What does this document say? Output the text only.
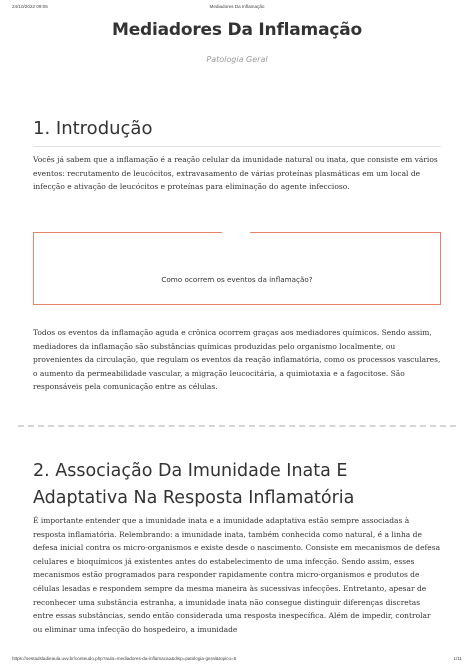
24/10/2022 09:05	Mediadores Da Inflamação
Mediadores Da Inflamação
Patologia Geral
1. Introdução

Vocês já sabem que a inflamação é a reação celular da imunidade natural ou inata, que consiste em vários eventos: recrutamento de leucócitos, extravasamento de várias proteínas plasmáticas em um local de infecção e ativação de leucócitos e proteínas para eliminação do agente infeccioso.

Como ocorrem os eventos da inflamação?

Todos os eventos da inflamação aguda e crônica ocorrem graças aos mediadores químicos. Sendo assim, mediadores da inflamação são substâncias químicas produzidas pelo organismo localmente, ou provenientes da circulação, que regulam os eventos da reação inflamatória, como os processos vasculares, o aumento da permeabilidade vascular, a migração leucocitária, a quimiotaxia e a fagocitose. São responsáveis pela comunicação entre as células.

2. Associação Da Imunidade Inata E
Adaptativa Na Resposta Inflamatória

É importante entender que a imunidade inata e a imunidade adaptativa estão sempre associadas à resposta inflamatória. Relembrando: a imunidade inata, também conhecida como natural, é a linha de defesa inicial contra os micro-organismos e existe desde o nascimento. Consiste em mecanismos de defesa celulares e bioquímicos já existentes antes do estabelecimento de uma infecção. Sendo assim, esses mecanismos estão programados para responder rapidamente contra micro-organismos e produtos de células lesadas e respondem sempre da mesma maneira às sucessivas infecções. Entretanto, apesar de reconhecer uma substância estranha, a imunidade inata não consegue distinguir diferenças discretas entre essas substâncias, sendo então considerada uma resposta inespecífica. Além de impedir, controlar ou eliminar uma infecção do hospedeiro, a imunidade

https://oestadsladieaula.uvv.br/conteudo.php?aula=mediadores-da-inflamacao&disp=patologia-geral&topico=5	1/11
